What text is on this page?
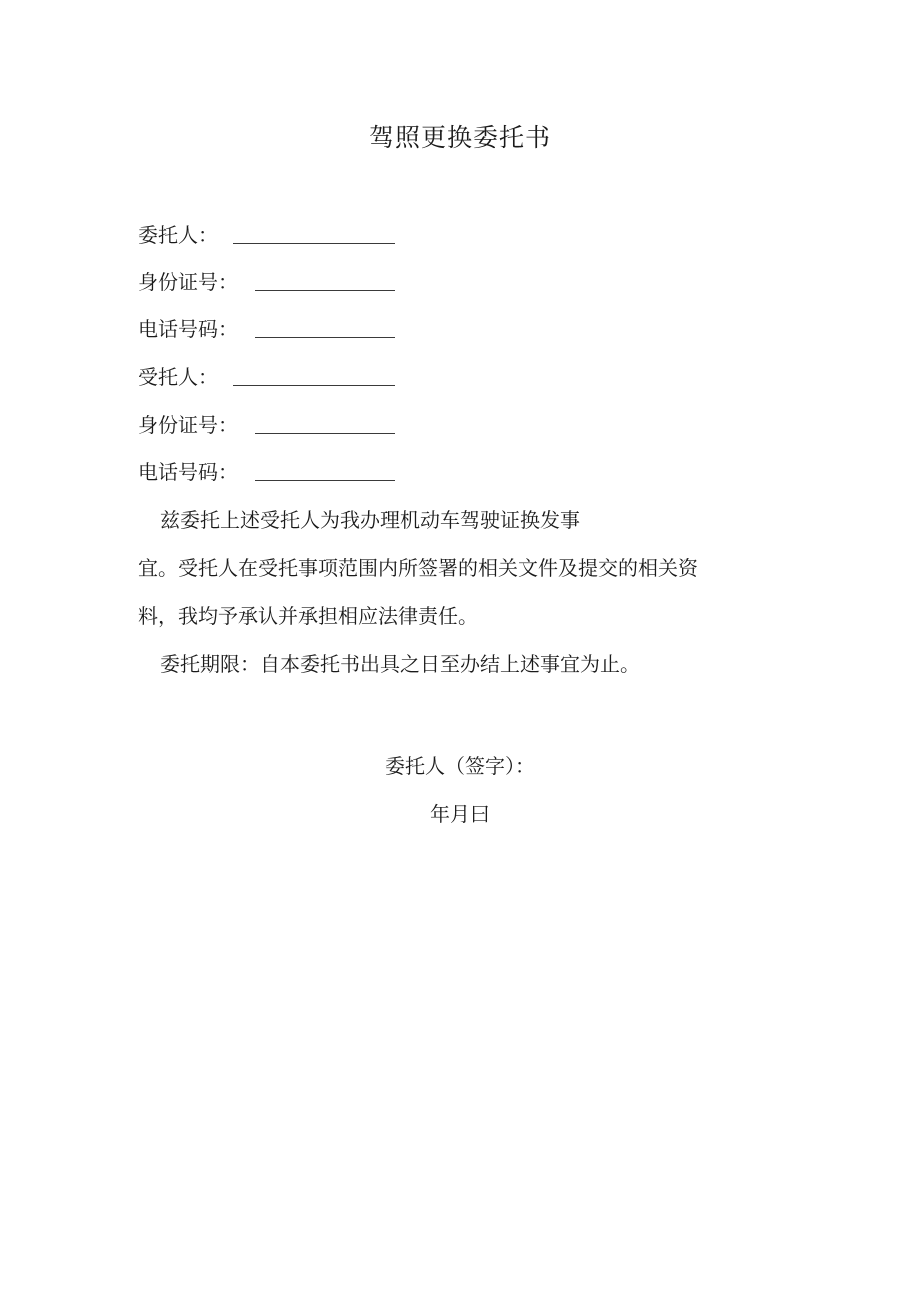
驾照更换委托书
委托人：
身份证号：
电话号码：
受托人：
身份证号：
电话号码：
兹委托上述受托人为我办理机动车驾驶证换发事
宜。受托人在受托事项范围内所签署的相关文件及提交的相关资
料，我均予承认并承担相应法律责任。
委托期限：自本委托书出具之日至办结上述事宜为止。
委托人（签字）：
年月曰
